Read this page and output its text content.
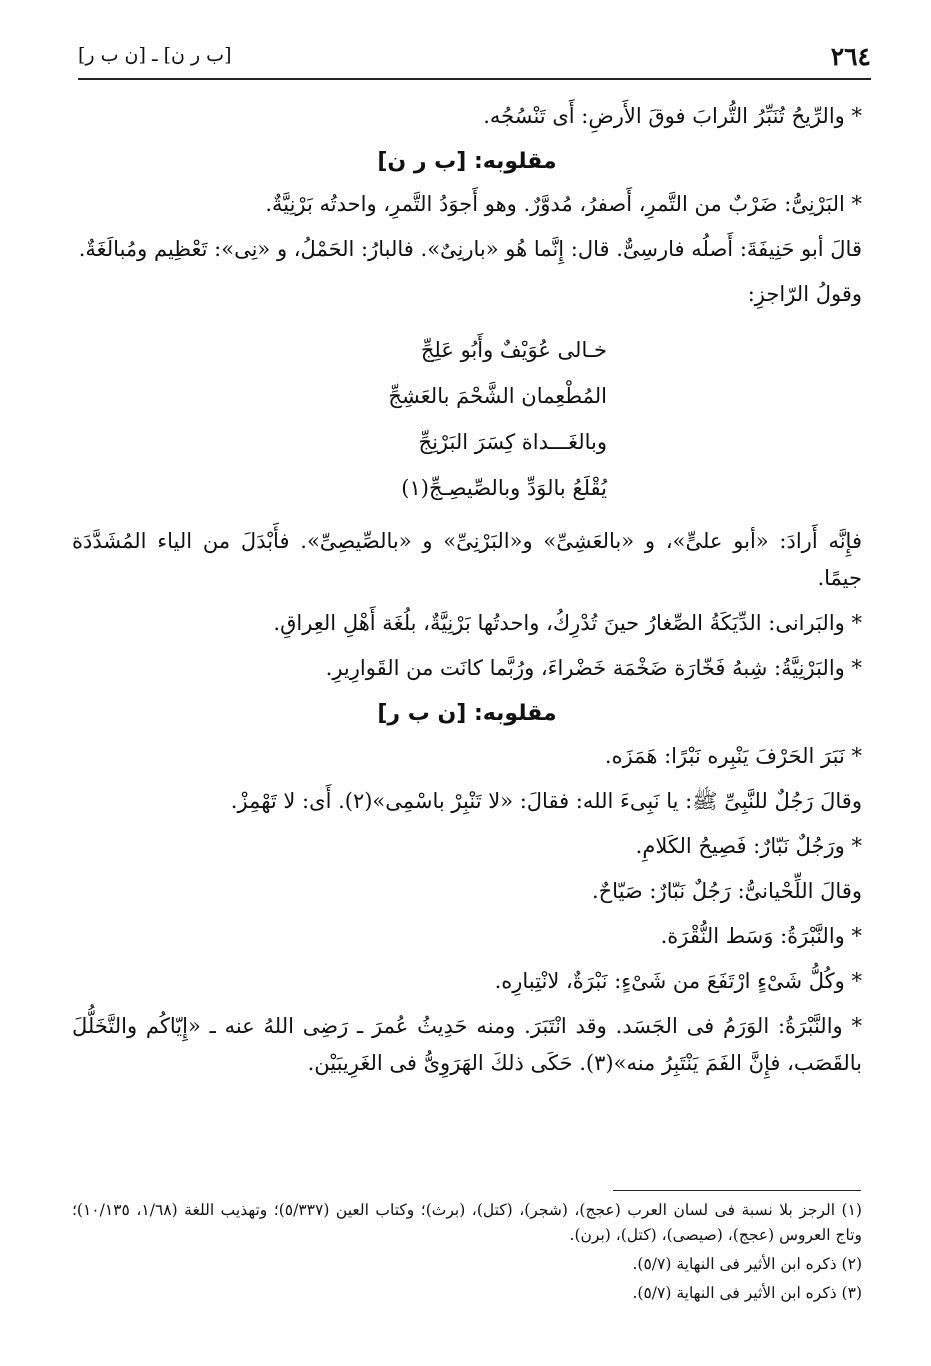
٢٦٤
[ب ر ن] ـ [ن ب ر]

* والرِّيحُ تُنَبِّرُ التُّرابَ فوقَ الأَرضِ: أَى تَنْسُجُه.

مقلوبه: [ب ر ن]

* البَرْنِىُّ: ضَرْبٌ من التَّمرِ، أَصفرُ، مُدوَّرٌ. وهو أَجوَدُ التَّمرِ، واحدتُه بَرْنِيَّةٌ.

قالَ أبو حَنِيفَةَ: أَصلُه فارسِىٌّ. قال: إِنَّما هُو «بارنِىٌ». فالبارُ: الحَمْلُ، و «نِى»: تَعْظِيم ومُبالَغَةٌ.

وقولُ الرّاجزِ:

خـالى عُوَيْفٌ وأَبُو عَلِجِّ
المُطْعِمان الشَّحْمَ بالعَشِجِّ
وبالغَـــداة كِسَرَ البَرْنِجِّ
يُقْلَعُ بالوَدِّ وبالصِّيصِـجِّ(١)

فإِنَّه أَرادَ: «أبو علىٍّ»، و «بالعَشِىِّ» و«البَرْنِىِّ» و «بالصِّيصِىِّ». فأَبْدَلَ من الياء المُشَدَّدَة جيمًا.

* والبَرانى: الدِّيَكَةُ الصِّغارُ حينَ تُدْرِكُ، واحدتُها بَرْنِيَّةٌ، بلُغَة أَهْلِ العِراقِ.

* والبَرْنِيَّةُ: شِبهُ فَخّارَة ضَخْمَة خَضْراءَ، ورُبَّما كانَت من القَوارِيرِ.

مقلوبه: [ن ب ر]

* نَبَرَ الحَرْفَ يَنْبِره نَبْرًا: هَمَزَه.

وقالَ رَجُلٌ للنَّبِىِّ ﷺ: يا نَبِىءَ الله: فقالَ: «لا تَنْبِرْ باسْمِى»(٢). أَى: لا تَهْمِزْ.

* ورَجُلٌ نَبّارٌ: فَصِيحُ الكَلامِ.

وقالَ اللِّحْيانىُّ: رَجُلٌ نَبّارٌ: صَيّاحٌ.

* والنَّبْرَةُ: وَسَط النُّقْرَة.

* وكُلُّ شَىْءٍ ارْتَفَعَ من شَىْءٍ: نَبْرَةٌ، لانْتِبارِه.

* والنَّبْرَةُ: الوَرَمُ فى الجَسَد. وقد انْتَبَرَ. ومنه حَدِيثُ عُمرَ ـ رَضِى اللهُ عنه ـ «إِيّاكُم والتَّخَلُّلَ بالقَصَب، فإِنَّ الفَمَ يَنْتَبِرُ منه»(٣). حَكَى ذلكَ الهَرَوِىُّ فى الغَرِيبَيْن.

(١) الرجز بلا نسبة فى لسان العرب (عجج)، (شجر)، (كتل)، (برث)؛ وكتاب العين (٥/٣٣٧)؛ وتهذيب اللغة (١/٦٨، ١٠/١٣٥)؛ وتاج العروس (عجج)، (صيصى)، (كتل)، (برن).

(٢) ذكره ابن الأثير فى النهاية (٥/٧).

(٣) ذكره ابن الأثير فى النهاية (٥/٧).
